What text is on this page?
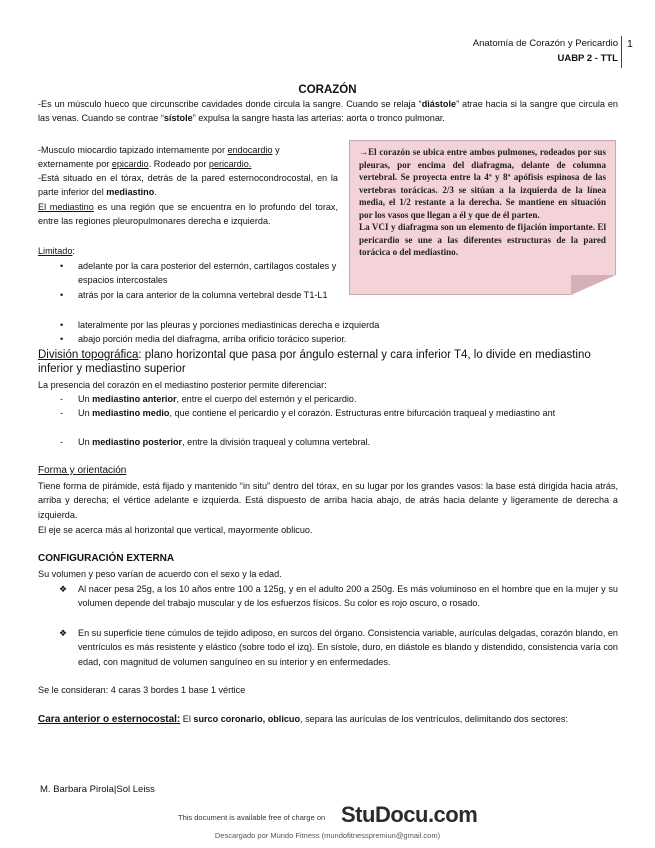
Anatomía de Corazón y Pericardio
UABP 2 - TTL
1
CORAZÓN
-Es un músculo hueco que circunscribe cavidades donde circula la sangre. Cuando se relaja “diástole” atrae hacia si la sangre que circula en las venas. Cuando se contrae “sístole” expulsa la sangre hasta las arterias: aorta o tronco pulmonar.
-Musculo miocardio tapizado internamente por endocardio y
externamente por epicardio. Rodeado por pericardio.
-Está situado en el tórax, detrás de la pared esternocondrocostal, en la parte inferior del mediastino.
El mediastino es una región que se encuentra en lo profundo del torax, entre las regiones pleuropulmonares derecha e izquierda.
Limitado:
• adelante por la cara posterior del esternón, cartílagos costales y espacios intercostales
• atrás por la cara anterior de la columna vertebral desde T1-L1
• lateralmente por las pleuras y porciones mediastinicas derecha e izquierda
• abajo porción media del diafragma, arriba orificio torácico superior.
→El corazón se ubica entre ambos pulmones, rodeados por sus pleuras, por encima del diafragma, delante de columna vertebral. Se proyecta entre la 4ª y 8ª apófisis espinosa de las vertebras torácicas. 2/3 se sitúan a la izquierda de la línea media, el 1/2 restante a la derecha. Se mantiene en situación por los vasos que llegan a él y que de él parten.
La VCI y diafragma son un elemento de fijación importante. El pericardio se une a las diferentes estructuras de la pared torácica o del mediastino.
División topográfica: plano horizontal que pasa por ángulo esternal y cara inferior T4, lo divide en mediastino inferior y mediastino superior
La presencia del corazón en el mediastino posterior permite diferenciar:
- Un mediastino anterior, entre el cuerpo del esternón y el pericardio.
- Un mediastino medio, que contiene el pericardio y el corazón. Estructuras entre bifurcación traqueal y mediastino ant
- Un mediastino posterior, entre la división traqueal y columna vertebral.
Forma y orientación
Tiene forma de pirámide, está fijado y mantenido “in situ” dentro del tórax, en su lugar por los grandes vasos: la base está dirigida hacia atrás, arriba y derecha; el vértice adelante e izquierda. Está dispuesto de arriba hacia abajo, de atrás hacia delante y ligeramente de derecha a izquierda.
El eje se acerca más al horizontal que vertical, mayormente oblicuo.
CONFIGURACIÓN EXTERNA
Su volumen y peso varían de acuerdo con el sexo y la edad.
❖ Al nacer pesa 25g, a los 10 años entre 100 a 125g, y en el adulto 200 a 250g. Es más voluminoso en el hombre que en la mujer y su volumen depende del trabajo muscular y de los esfuerzos físicos. Su color es rojo oscuro, o rosado.
❖ En su superficie tiene cúmulos de tejido adiposo, en surcos del órgano. Consistencia variable, aurículas delgadas, corazón blando, en ventrículos es más resistente y elástico (sobre todo el izq). En sístole, duro, en diástole es blando y distendido, consistencia varía con edad, con magnitud de volumen sanguíneo en su interior y en enfermedades.
Se le consideran: 4 caras 3 bordes 1 base 1 vértice
Cara anterior o esternocostal: El surco coronario, oblicuo, separa las aurículas de los ventrículos, delimitando dos sectores:
M. Barbara Pirola|Sol Leiss
This document is available free of charge on StuDocu.com
Descargado por Mundo Fitness (mundofitnesspremiun@gmail.com)
